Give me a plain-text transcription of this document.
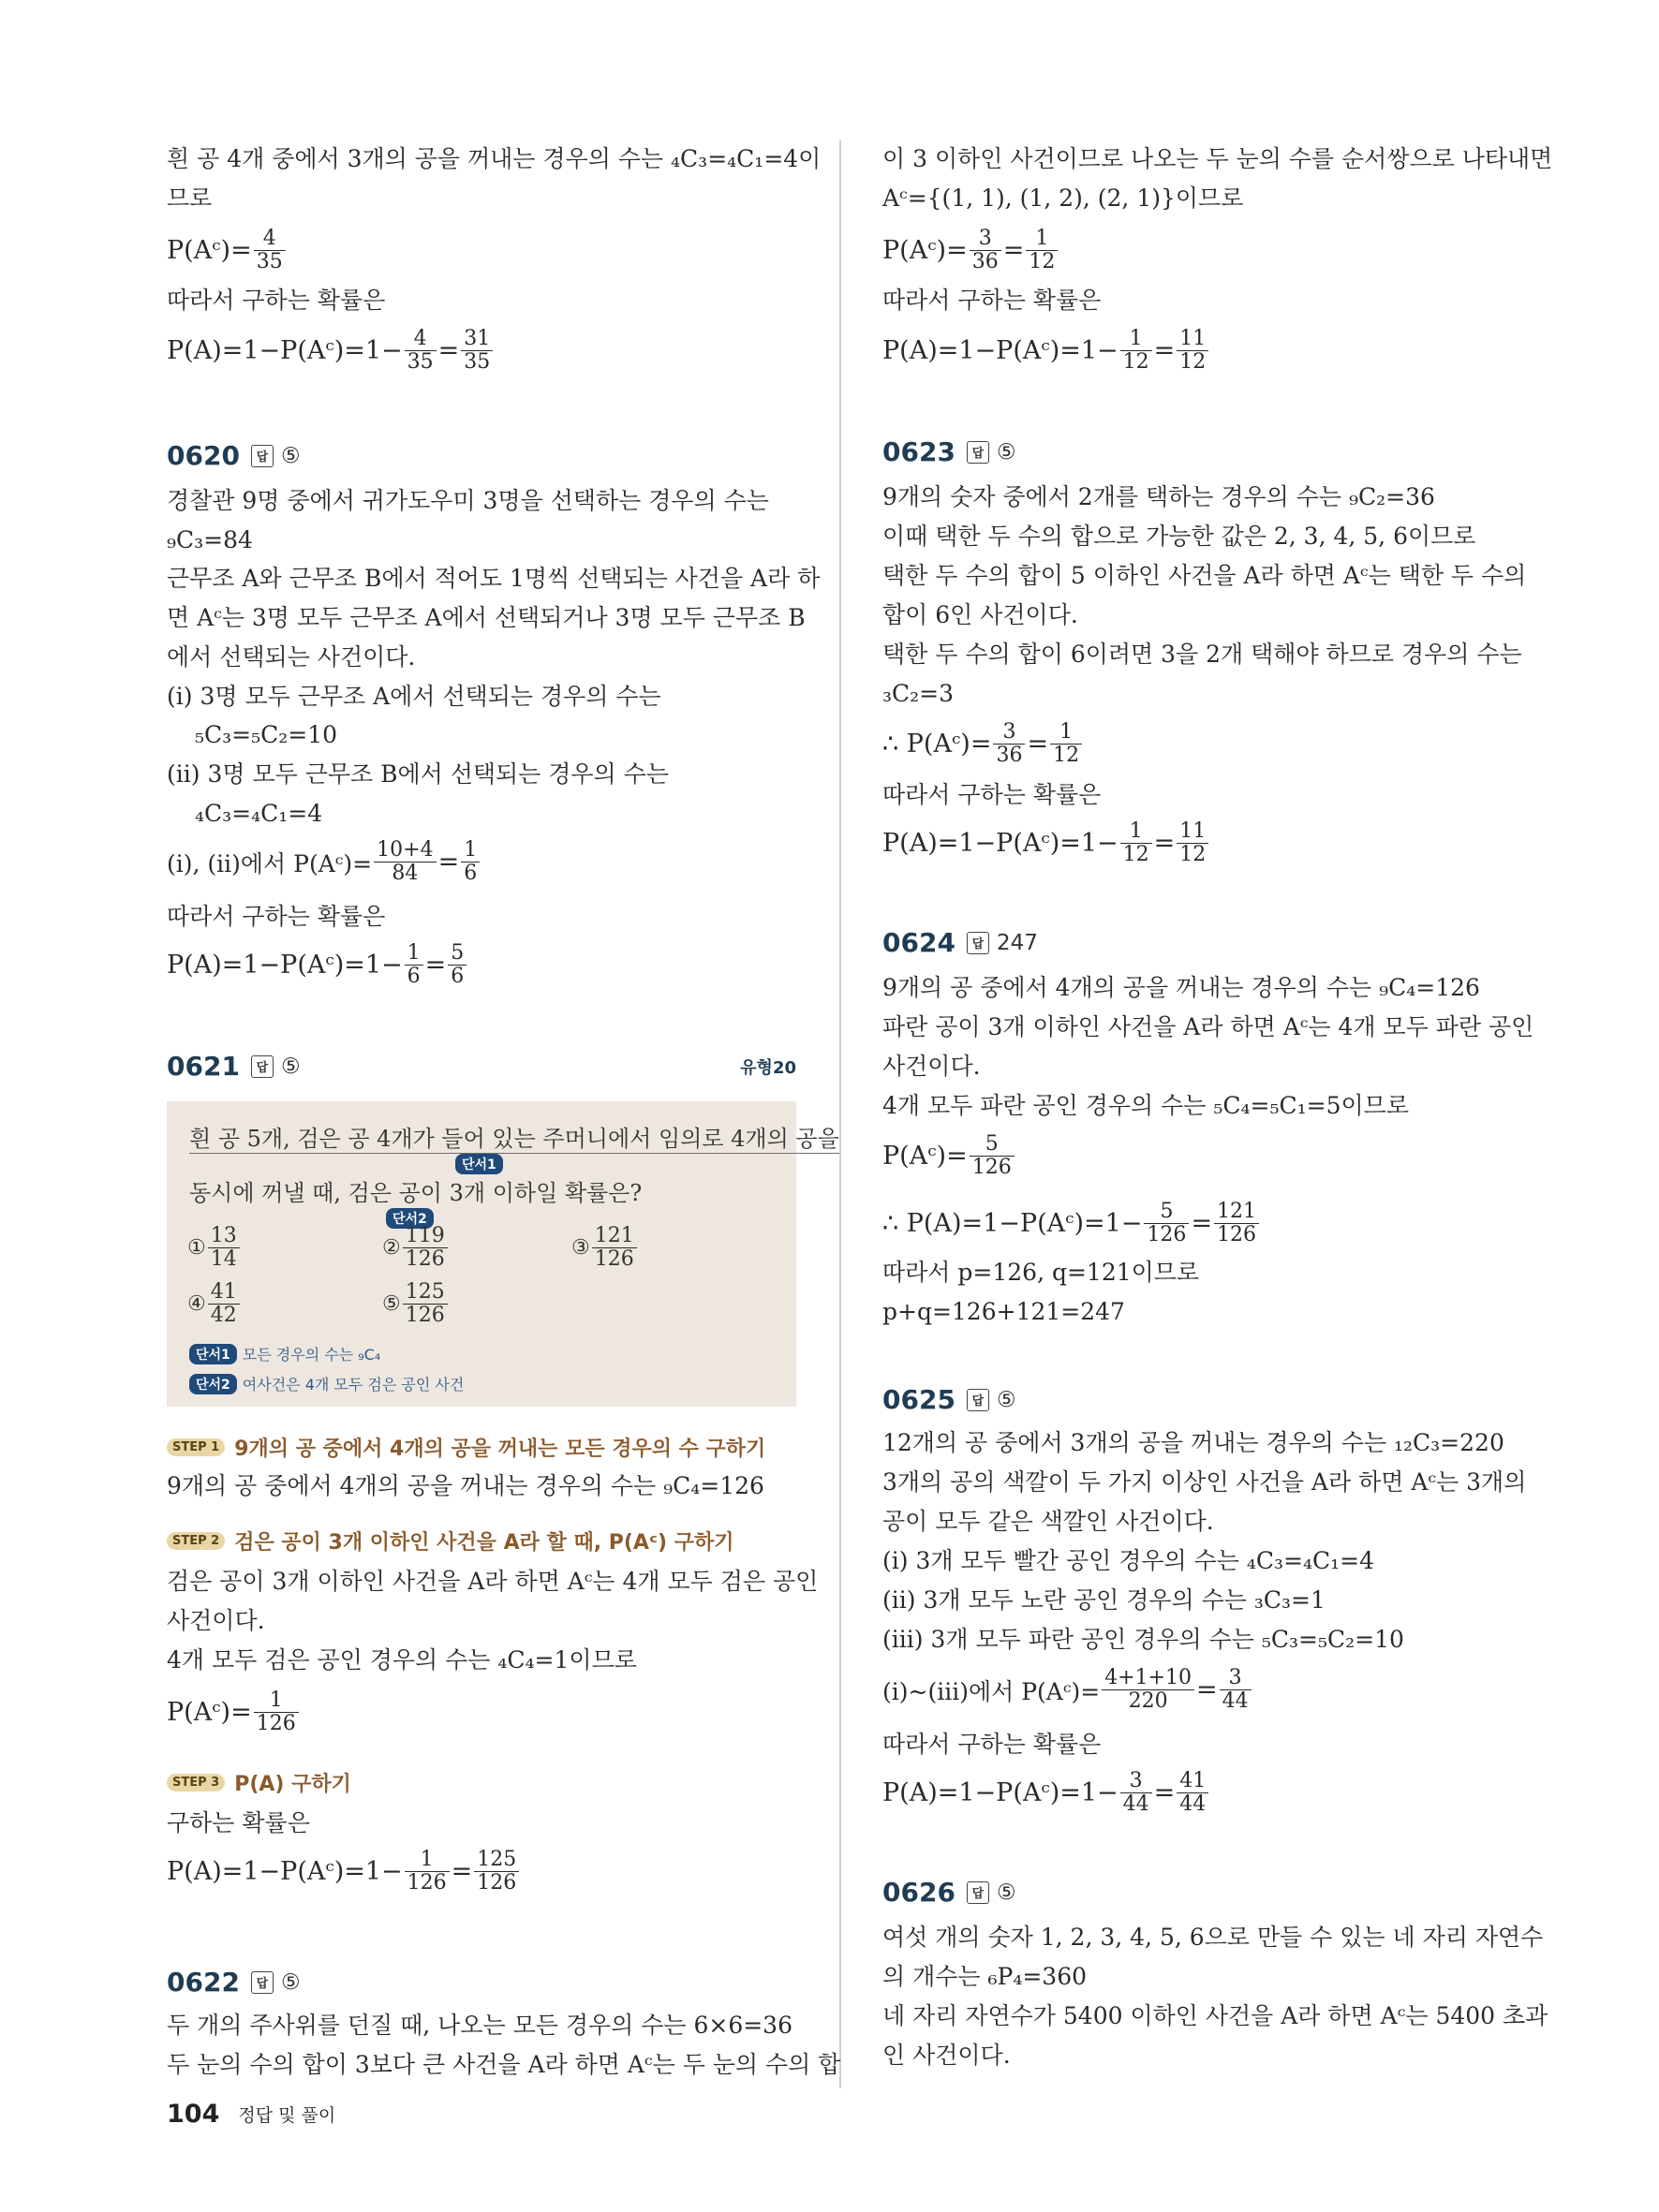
흰 공 4개 중에서 3개의 공을 꺼내는 경우의 수는 ₄C₃=₄C₁=4이
므로
P(Aᶜ)= $\frac{4}{35}$
따라서 구하는 확률은
P(A)=1−P(Aᶜ)=1− $\frac{4}{35} = \frac{31}{35}$
0620	답 ⑤
경찰관 9명 중에서 귀가도우미 3명을 선택하는 경우의 수는
₉C₃=84
근무조 A와 근무조 B에서 적어도 1명씩 선택되는 사건을 A라 하
면 Aᶜ는 3명 모두 근무조 A에서 선택되거나 3명 모두 근무조 B
에서 선택되는 사건이다.
(i) 3명 모두 근무조 A에서 선택되는 경우의 수는
₅C₃=₅C₂=10
(ii) 3명 모두 근무조 B에서 선택되는 경우의 수는
₄C₃=₄C₁=4
(i), (ii)에서 P(Aᶜ)= $\frac{10+4}{84} = \frac{1}{6}$
따라서 구하는 확률은
P(A)=1−P(Aᶜ)=1− $\frac{1}{6} = \frac{5}{6}$
0621	답 ⑤	유형20
흰 공 5개, 검은 공 4개가 들어 있는 주머니에서 임의로 4개의 공을
단서1
동시에 꺼낼 때, 검은 공이 3개 이하일 확률은?
단서2
① $\frac{13}{14}$	② $\frac{119}{126}$	③ $\frac{121}{126}$
④ $\frac{41}{42}$	⑤ $\frac{125}{126}$
단서1 모든 경우의 수는 ₉C₄
단서2 여사건은 4개 모두 검은 공인 사건
STEP 1 9개의 공 중에서 4개의 공을 꺼내는 모든 경우의 수 구하기
9개의 공 중에서 4개의 공을 꺼내는 경우의 수는 ₉C₄=126
STEP 2 검은 공이 3개 이하인 사건을 A라 할 때, P(Aᶜ) 구하기
검은 공이 3개 이하인 사건을 A라 하면 Aᶜ는 4개 모두 검은 공인
사건이다.
4개 모두 검은 공인 경우의 수는 ₄C₄=1이므로
P(Aᶜ)= $\frac{1}{126}$
STEP 3 P(A) 구하기
구하는 확률은
P(A)=1−P(Aᶜ)=1− $\frac{1}{126} = \frac{125}{126}$
0622	답 ⑤
두 개의 주사위를 던질 때, 나오는 모든 경우의 수는 6×6=36
두 눈의 수의 합이 3보다 큰 사건을 A라 하면 Aᶜ는 두 눈의 수의 합
이 3 이하인 사건이므로 나오는 두 눈의 수를 순서쌍으로 나타내면
Aᶜ={(1, 1), (1, 2), (2, 1)}이므로
P(Aᶜ)= $\frac{3}{36} = \frac{1}{12}$
따라서 구하는 확률은
P(A)=1−P(Aᶜ)=1− $\frac{1}{12} = \frac{11}{12}$
0623	답 ⑤
9개의 숫자 중에서 2개를 택하는 경우의 수는 ₉C₂=36
이때 택한 두 수의 합으로 가능한 값은 2, 3, 4, 5, 6이므로
택한 두 수의 합이 5 이하인 사건을 A라 하면 Aᶜ는 택한 두 수의
합이 6인 사건이다.
택한 두 수의 합이 6이려면 3을 2개 택해야 하므로 경우의 수는
₃C₂=3
∴ P(Aᶜ)= $\frac{3}{36} = \frac{1}{12}$
따라서 구하는 확률은
P(A)=1−P(Aᶜ)=1− $\frac{1}{12} = \frac{11}{12}$
0624	답 247
9개의 공 중에서 4개의 공을 꺼내는 경우의 수는 ₉C₄=126
파란 공이 3개 이하인 사건을 A라 하면 Aᶜ는 4개 모두 파란 공인
사건이다.
4개 모두 파란 공인 경우의 수는 ₅C₄=₅C₁=5이므로
P(Aᶜ)= $\frac{5}{126}$
∴ P(A)=1−P(Aᶜ)=1− $\frac{5}{126} = \frac{121}{126}$
따라서 p=126, q=121이므로
p+q=126+121=247
0625	답 ⑤
12개의 공 중에서 3개의 공을 꺼내는 경우의 수는 ₁₂C₃=220
3개의 공의 색깔이 두 가지 이상인 사건을 A라 하면 Aᶜ는 3개의
공이 모두 같은 색깔인 사건이다.
(i) 3개 모두 빨간 공인 경우의 수는 ₄C₃=₄C₁=4
(ii) 3개 모두 노란 공인 경우의 수는 ₃C₃=1
(iii) 3개 모두 파란 공인 경우의 수는 ₅C₃=₅C₂=10
(i)~(iii)에서 P(Aᶜ)= $\frac{4+1+10}{220} = \frac{3}{44}$
따라서 구하는 확률은
P(A)=1−P(Aᶜ)=1− $\frac{3}{44} = \frac{41}{44}$
0626	답 ⑤
여섯 개의 숫자 1, 2, 3, 4, 5, 6으로 만들 수 있는 네 자리 자연수
의 개수는 ₆P₄=360
네 자리 자연수가 5400 이하인 사건을 A라 하면 Aᶜ는 5400 초과
인 사건이다.
104 정답 및 풀이
